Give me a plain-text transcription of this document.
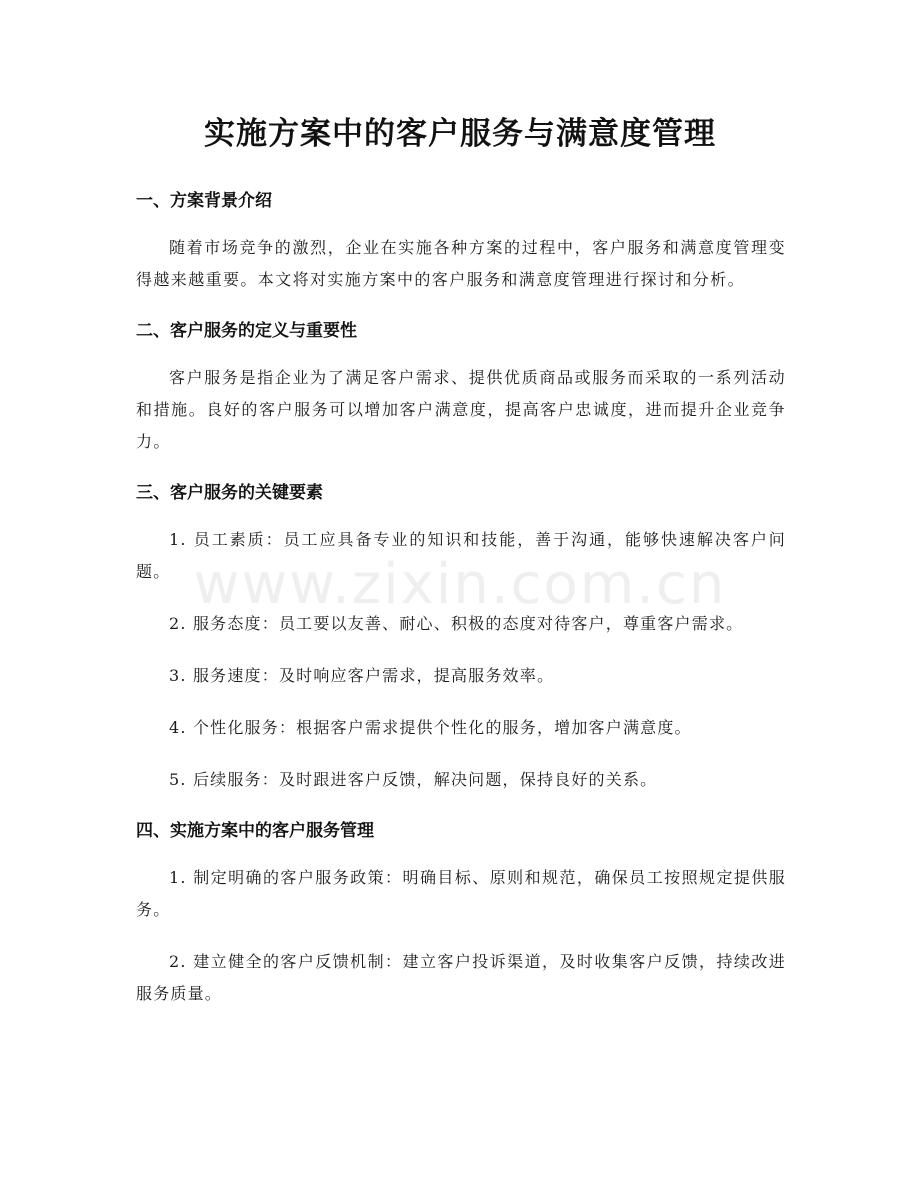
www.zixin.com.cn
实施方案中的客户服务与满意度管理
一、方案背景介绍

随着市场竞争的激烈，企业在实施各种方案的过程中，客户服务和满意度管理变得越来越重要。本文将对实施方案中的客户服务和满意度管理进行探讨和分析。

二、客户服务的定义与重要性

客户服务是指企业为了满足客户需求、提供优质商品或服务而采取的一系列活动和措施。良好的客户服务可以增加客户满意度，提高客户忠诚度，进而提升企业竞争力。

三、客户服务的关键要素
1. 员工素质：员工应具备专业的知识和技能，善于沟通，能够快速解决客户问题。
2. 服务态度：员工要以友善、耐心、积极的态度对待客户，尊重客户需求。
3. 服务速度：及时响应客户需求，提高服务效率。
4. 个性化服务：根据客户需求提供个性化的服务，增加客户满意度。
5. 后续服务：及时跟进客户反馈，解决问题，保持良好的关系。
四、实施方案中的客户服务管理
1. 制定明确的客户服务政策：明确目标、原则和规范，确保员工按照规定提供服务。
2. 建立健全的客户反馈机制：建立客户投诉渠道，及时收集客户反馈，持续改进服务质量。
